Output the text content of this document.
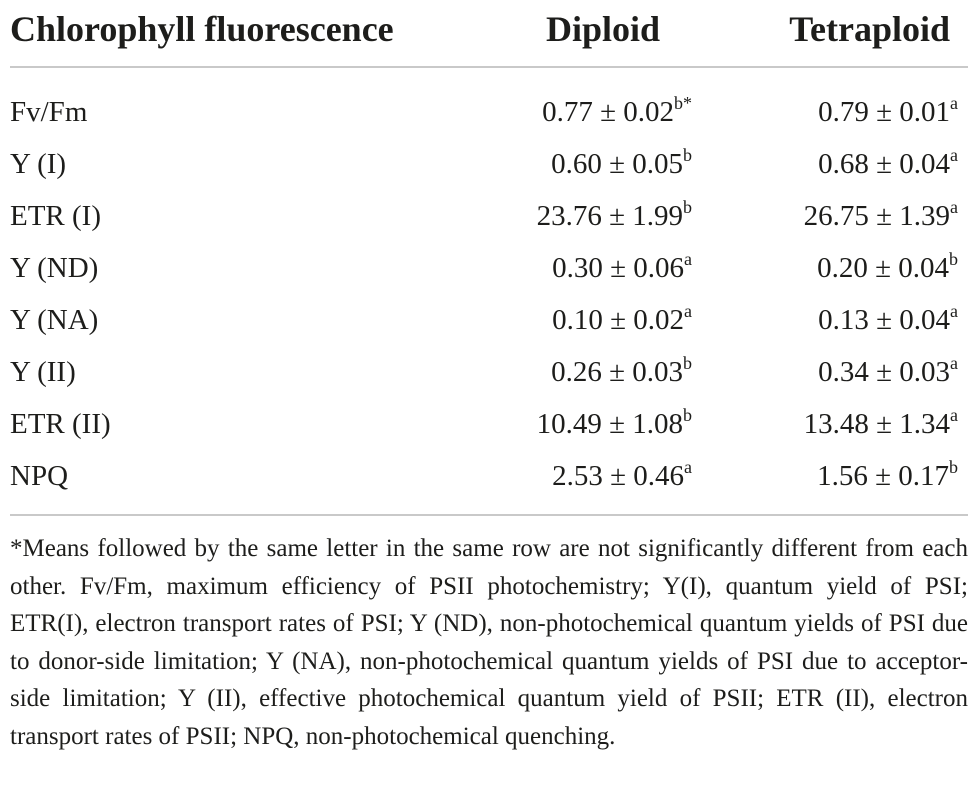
Chlorophyll fluorescence	Diploid	Tetraploid
Fv/Fm	$0.77 \pm 0.02^{b*}$	0.79 ± 0.01$^a$
Y (I)	0.60 ± 0.05$^b$	0.68 ± 0.04$^a$
ETR (I)	23.76 ± 1.99$^b$	26.75 ± 1.39$^a$
Y (ND)	0.30 ± 0.06$^a$	0.20 ± 0.04$^b$
Y (NA)	0.10 ± 0.02$^a$	0.13 ± 0.04$^a$
Y (II)	0.26 ± 0.03$^b$	0.34 ± 0.03$^a$
ETR (II)	10.49 ± 1.08$^b$	13.48 ± 1.34$^a$
NPQ	2.53 ± 0.46$^a$	1.56 ± 0.17$^b$

*Means followed by the same letter in the same row are not significantly different from each other. Fv/Fm, maximum efficiency of PSII photochemistry; Y(I), quantum yield of PSI; ETR(I), electron transport rates of PSI; Y (ND), non-photochemical quantum yields of PSI due to donor-side limitation; Y (NA), non-photochemical quantum yields of PSI due to acceptor-side limitation; Y (II), effective photochemical quantum yield of PSII; ETR (II), electron transport rates of PSII; NPQ, non-photochemical quenching.
